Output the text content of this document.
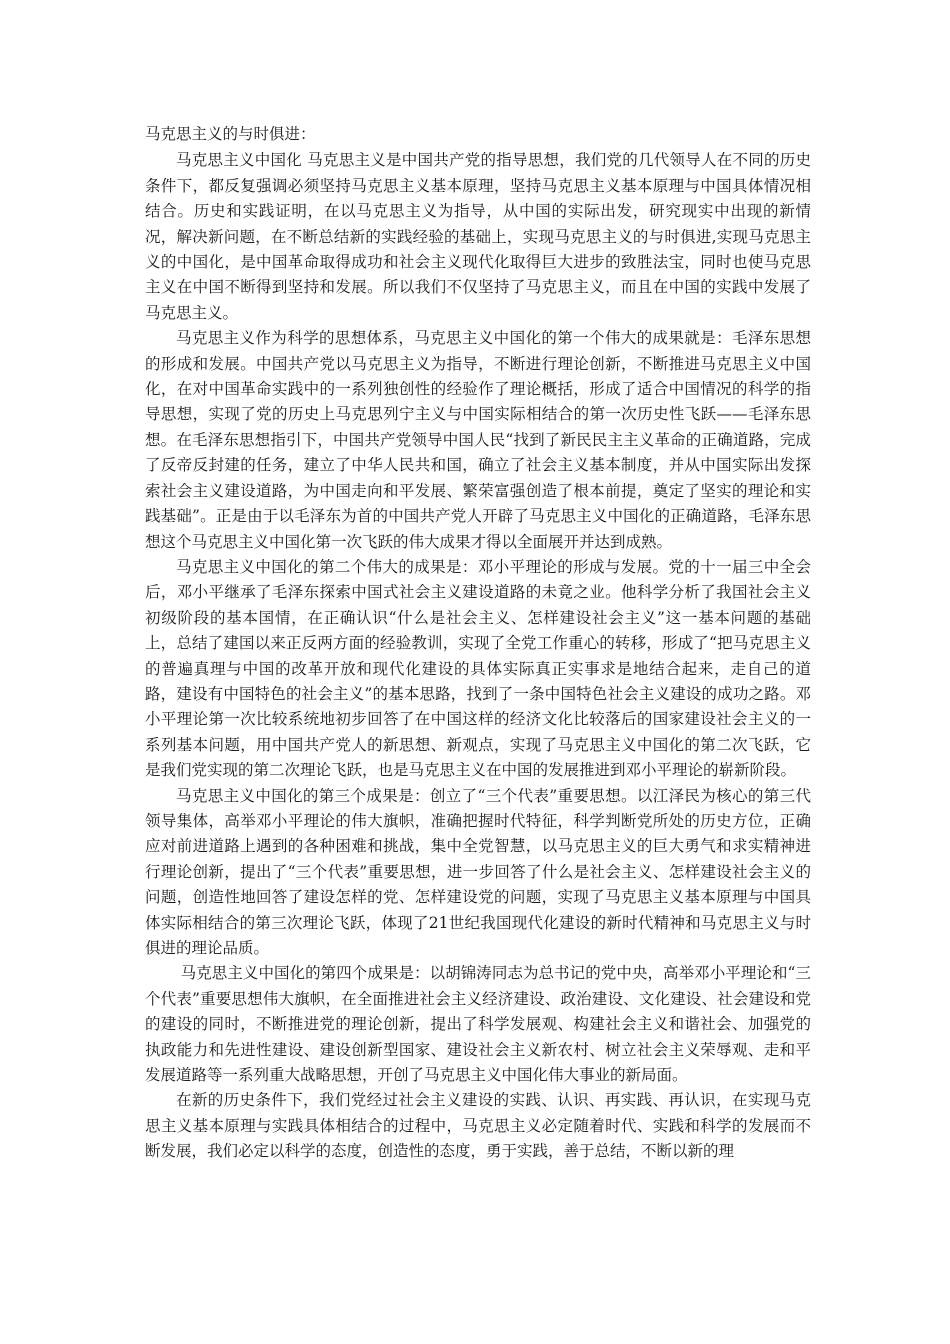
马克思主义的与时俱进：

马克思主义中国化 马克思主义是中国共产党的指导思想，我们党的几代领导人在不同的历史条件下，都反复强调必须坚持马克思主义基本原理，坚持马克思主义基本原理与中国具体情况相结合。历史和实践证明，在以马克思主义为指导，从中国的实际出发，研究现实中出现的新情况，解决新问题，在不断总结新的实践经验的基础上，实现马克思主义的与时俱进,实现马克思主义的中国化，是中国革命取得成功和社会主义现代化取得巨大进步的致胜法宝，同时也使马克思主义在中国不断得到坚持和发展。所以我们不仅坚持了马克思主义，而且在中国的实践中发展了马克思主义。

马克思主义作为科学的思想体系，马克思主义中国化的第一个伟大的成果就是：毛泽东思想的形成和发展。中国共产党以马克思主义为指导，不断进行理论创新，不断推进马克思主义中国化，在对中国革命实践中的一系列独创性的经验作了理论概括，形成了适合中国情况的科学的指导思想，实现了党的历史上马克思列宁主义与中国实际相结合的第一次历史性飞跃——毛泽东思想。在毛泽东思想指引下，中国共产党领导中国人民“找到了新民民主主义革命的正确道路，完成了反帝反封建的任务，建立了中华人民共和国，确立了社会主义基本制度，并从中国实际出发探索社会主义建设道路，为中国走向和平发展、繁荣富强创造了根本前提，奠定了坚实的理论和实践基础”。正是由于以毛泽东为首的中国共产党人开辟了马克思主义中国化的正确道路，毛泽东思想这个马克思主义中国化第一次飞跃的伟大成果才得以全面展开并达到成熟。

马克思主义中国化的第二个伟大的成果是：邓小平理论的形成与发展。党的十一届三中全会后，邓小平继承了毛泽东探索中国式社会主义建设道路的未竟之业。他科学分析了我国社会主义初级阶段的基本国情，在正确认识“什么是社会主义、怎样建设社会主义”这一基本问题的基础上，总结了建国以来正反两方面的经验教训，实现了全党工作重心的转移，形成了“把马克思主义的普遍真理与中国的改革开放和现代化建设的具体实际真正实事求是地结合起来，走自己的道路，建设有中国特色的社会主义”的基本思路，找到了一条中国特色社会主义建设的成功之路。邓小平理论第一次比较系统地初步回答了在中国这样的经济文化比较落后的国家建设社会主义的一系列基本问题，用中国共产党人的新思想、新观点，实现了马克思主义中国化的第二次飞跃，它是我们党实现的第二次理论飞跃，也是马克思主义在中国的发展推进到邓小平理论的崭新阶段。

马克思主义中国化的第三个成果是：创立了“三个代表”重要思想。以江泽民为核心的第三代领导集体，高举邓小平理论的伟大旗帜，准确把握时代特征，科学判断党所处的历史方位，正确应对前进道路上遇到的各种困难和挑战，集中全党智慧，以马克思主义的巨大勇气和求实精神进行理论创新，提出了“三个代表”重要思想，进一步回答了什么是社会主义、怎样建设社会主义的问题，创造性地回答了建设怎样的党、怎样建设党的问题，实现了马克思主义基本原理与中国具体实际相结合的第三次理论飞跃，体现了21世纪我国现代化建设的新时代精神和马克思主义与时俱进的理论品质。

马克思主义中国化的第四个成果是：以胡锦涛同志为总书记的党中央，高举邓小平理论和“三个代表”重要思想伟大旗帜，在全面推进社会主义经济建设、政治建设、文化建设、社会建设和党的建设的同时，不断推进党的理论创新，提出了科学发展观、构建社会主义和谐社会、加强党的执政能力和先进性建设、建设创新型国家、建设社会主义新农村、树立社会主义荣辱观、走和平发展道路等一系列重大战略思想，开创了马克思主义中国化伟大事业的新局面。

在新的历史条件下，我们党经过社会主义建设的实践、认识、再实践、再认识，在实现马克思主义基本原理与实践具体相结合的过程中，马克思主义必定随着时代、实践和科学的发展而不断发展，我们必定以科学的态度，创造性的态度，勇于实践，善于总结，不断以新的理
